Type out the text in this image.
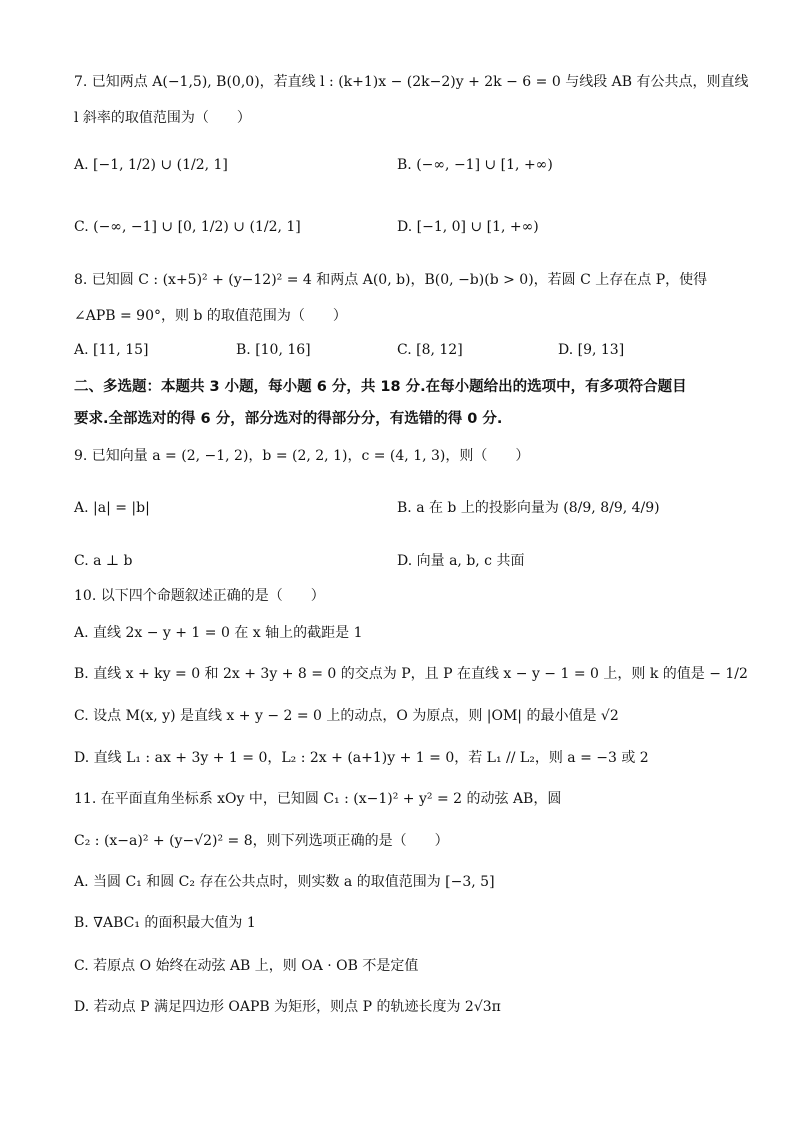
7. 已知两点 A(−1,5), B(0,0)，若直线 l : (k+1)x − (2k−2)y + 2k − 6 = 0 与线段 AB 有公共点，则直线
l 斜率的取值范围为（　　）
A. [−1, 1/2) ∪ (1/2, 1]	B. (−∞, −1] ∪ [1, +∞)
C. (−∞, −1] ∪ [0, 1/2) ∪ (1/2, 1]	D. [−1, 0] ∪ [1, +∞)
8. 已知圆 C : (x+5)² + (y−12)² = 4 和两点 A(0, b)，B(0, −b)(b > 0)，若圆 C 上存在点 P，使得
∠APB = 90°，则 b 的取值范围为（　　）
A. [11, 15]	B. [10, 16]	C. [8, 12]	D. [9, 13]
二、多选题：本题共 3 小题，每小题 6 分，共 18 分.在每小题给出的选项中，有多项符合题目
要求.全部选对的得 6 分，部分选对的得部分分，有选错的得 0 分.
9. 已知向量 a = (2, −1, 2)，b = (2, 2, 1)，c = (4, 1, 3)，则（　　）
A. |a| = |b|	B. a 在 b 上的投影向量为 (8/9, 8/9, 4/9)
C. a ⊥ b	D. 向量 a, b, c 共面
10. 以下四个命题叙述正确的是（　　）
A. 直线 2x − y + 1 = 0 在 x 轴上的截距是 1
B. 直线 x + ky = 0 和 2x + 3y + 8 = 0 的交点为 P，且 P 在直线 x − y − 1 = 0 上，则 k 的值是 − 1/2
C. 设点 M(x, y) 是直线 x + y − 2 = 0 上的动点，O 为原点，则 |OM| 的最小值是 √2
D. 直线 L₁ : ax + 3y + 1 = 0，L₂ : 2x + (a+1)y + 1 = 0，若 L₁ // L₂，则 a = −3 或 2
11. 在平面直角坐标系 xOy 中，已知圆 C₁ : (x−1)² + y² = 2 的动弦 AB，圆
C₂ : (x−a)² + (y−√2)² = 8，则下列选项正确的是（　　）
A. 当圆 C₁ 和圆 C₂ 存在公共点时，则实数 a 的取值范围为 [−3, 5]
B. ∇ABC₁ 的面积最大值为 1
C. 若原点 O 始终在动弦 AB 上，则 OA · OB 不是定值
D. 若动点 P 满足四边形 OAPB 为矩形，则点 P 的轨迹长度为 2√3π
